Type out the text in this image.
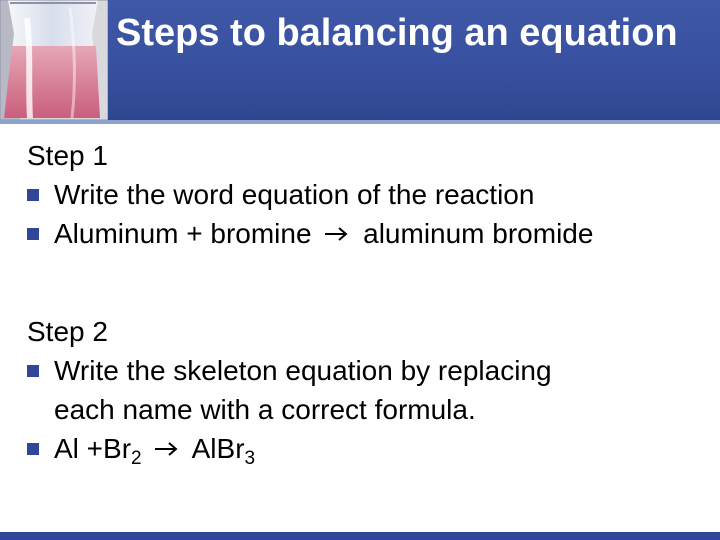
Steps to balancing an equation
Step 1
Write the word equation of the reaction
Aluminum + bromine aluminum bromide
Step 2
Write the skeleton equation by replacing
each name with a correct formula.
$Al +Br_2$ AlBr$_3$
